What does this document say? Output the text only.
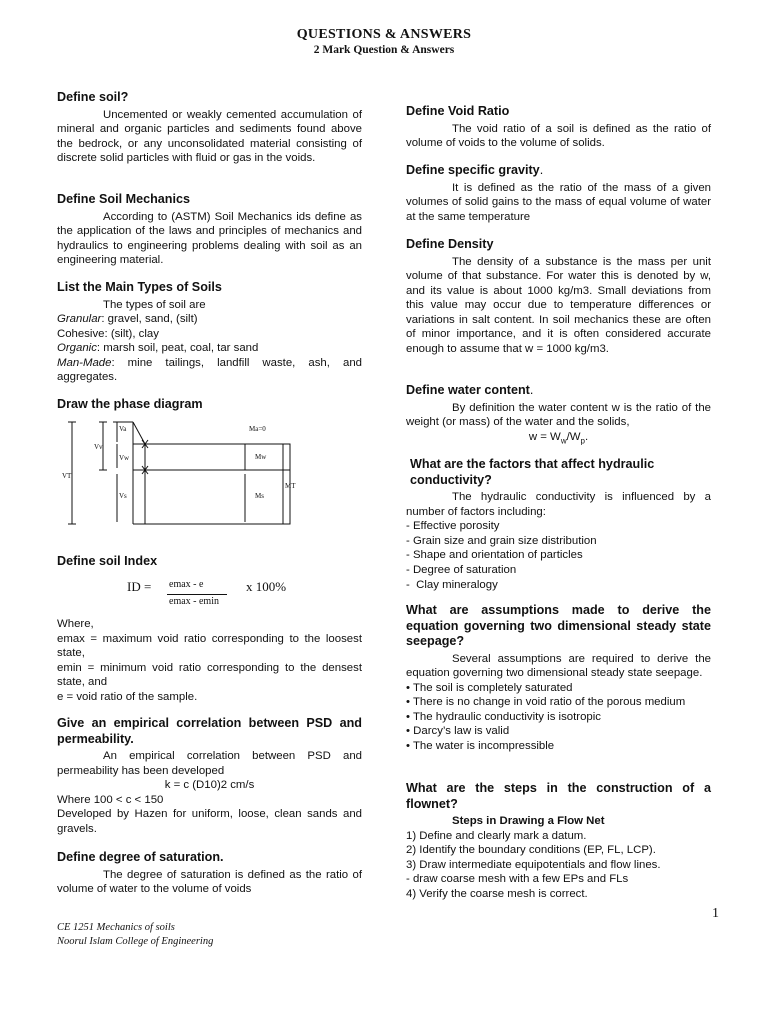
QUESTIONS & ANSWERS
2 Mark Question & Answers
Define soil?

Uncemented or weakly cemented accumulation of mineral and organic particles and sediments found above the bedrock, or any unconsolidated material consisting of discrete solid particles with fluid or gas in the voids.

Define Soil Mechanics

According to (ASTM) Soil Mechanics ids define as the application of the laws and principles of mechanics and hydraulics to engineering problems dealing with soil as an engineering material.

List the Main Types of Soils

The types of soil are

Granular: gravel, sand, (silt)

Cohesive: (silt), clay

Organic: marsh soil, peat, coal, tar sand

Man-Made: mine tailings, landfill waste, ash, and aggregates.

Draw the phase diagram
Va
Vv
Vw
VT
Vs
Ma=0
Mw
MT
Ms
Define soil Index
ID = emax - e
emax - emin
x 100%

Where,

emax = maximum void ratio corresponding to the loosest state,

emin = minimum void ratio corresponding to the densest state, and

e = void ratio of the sample.

Give an empirical correlation between PSD and permeability.

An empirical correlation between PSD and permeability has been developed

k = c (D10)2 cm/s

Where 100 < c < 150

Developed by Hazen for uniform, loose, clean sands and gravels.

Define degree of saturation.

The degree of saturation is defined as the ratio of volume of water to the volume of voids

Define Void Ratio

The void ratio of a soil is defined as the ratio of volume of voids to the volume of solids.

Define specific gravity.

It is defined as the ratio of the mass of a given volumes of solid gains to the mass of equal volume of water at the same temperature

Define Density

The density of a substance is the mass per unit volume of that substance. For water this is denoted by w, and its value is about 1000 kg/m3. Small deviations from this value may occur due to temperature differences or variations in salt content. In soil mechanics these are often of minor importance, and it is often considered accurate enough to assume that w = 1000 kg/m3.

Define water content.

By definition the water content w is the ratio of the weight (or mass) of the water and the solids,

$w = W_w/W_p$.

What are the factors that affect hydraulic conductivity?

The hydraulic conductivity is influenced by a number of factors including:

- Effective porosity

- Grain size and grain size distribution

- Shape and orientation of particles

- Degree of saturation

-  Clay mineralogy

What are assumptions made to derive the equation governing two dimensional steady state seepage?

Several assumptions are required to derive the equation governing two dimensional steady state seepage.

• The soil is completely saturated

• There is no change in void ratio of the porous medium

• The hydraulic conductivity is isotropic

• Darcy’s law is valid

• The water is incompressible

What are the steps in the construction of a flownet?

Steps in Drawing a Flow Net

1) Define and clearly mark a datum.

2) Identify the boundary conditions (EP, FL, LCP).

3) Draw intermediate equipotentials and flow lines.

- draw coarse mesh with a few EPs and FLs

4) Verify the coarse mesh is correct.

1
CE 1251 Mechanics of soils
Noorul Islam College of Engineering
